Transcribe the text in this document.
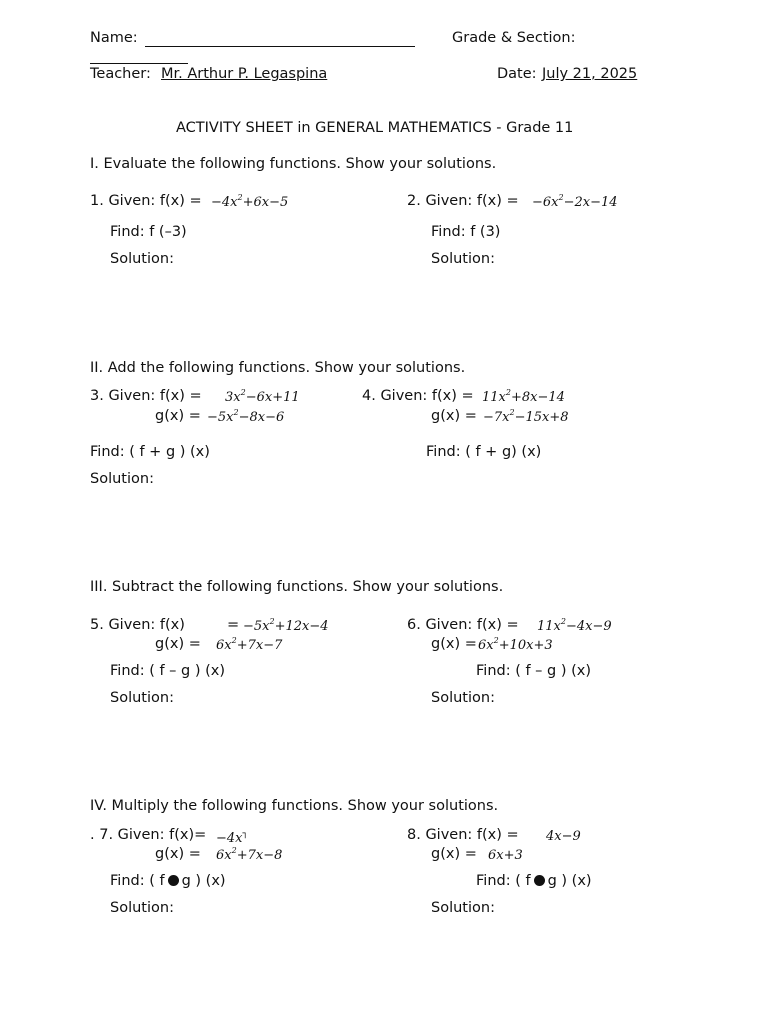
Name:	Grade & Section:
Teacher: Mr. Arthur P. Legaspina	Date: July 21, 2025
ACTIVITY SHEET in GENERAL MATHEMATICS - Grade 11
I. Evaluate the following functions. Show your solutions.
1. Given: $f(x) = -4x^2+6x-5$
Find: f (–3)
Solution:
2. Given: $f(x) = -6x^2-2x-14$
Find: f (3)
Solution:
II. Add the following functions. Show your solutions.
3. Given: $f(x) = 3x^2-6x+11$
$g(x) = -5x^2-8x-6$
Find: ( f + g ) (x)
Solution:
4. Given: $f(x) = 11x^2+8x-14$
$g(x) = -7x^2-15x+8$
Find: ( f + g) (x)
III. Subtract the following functions. Show your solutions.
5. Given: f(x)	= $-5x^2+12x-4$
$g(x) = 6x^2+7x-7$
Find: ( f – g ) (x)
Solution:
6. Given: $f(x) = 11x^2-4x-9$
$g(x) = 6x^2+10x+3$
Find: ( f – g ) (x)
Solution:
IV. Multiply the following functions. Show your solutions.
. 7. Given: f(x)= −4x┐
$g(x) = 6x^2+7x-8$
Find: ( f g ) (x)
Solution:
8. Given: f(x) = 4x−9
g(x) = 6x+3
Find: ( f g ) (x)
Solution:
